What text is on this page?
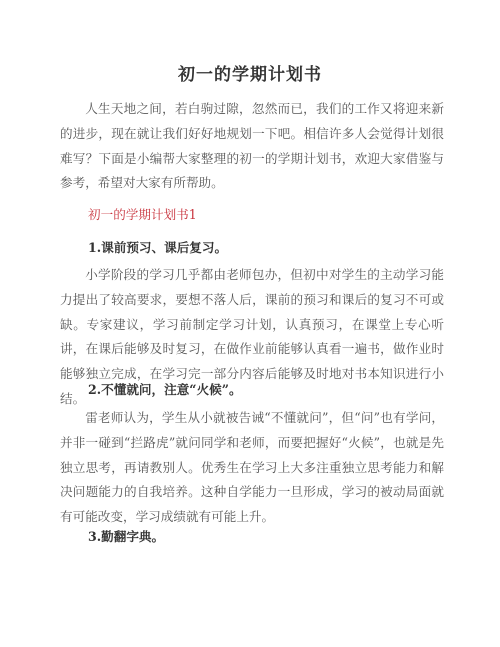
初一的学期计划书

人生天地之间，若白驹过隙，忽然而已，我们的工作又将迎来新的进步，现在就让我们好好地规划一下吧。相信许多人会觉得计划很难写？下面是小编帮大家整理的初一的学期计划书，欢迎大家借鉴与参考，希望对大家有所帮助。

初一的学期计划书1
1.课前预习、课后复习。

小学阶段的学习几乎都由老师包办，但初中对学生的主动学习能力提出了较高要求，要想不落人后，课前的预习和课后的复习不可或缺。专家建议，学习前制定学习计划，认真预习，在课堂上专心听讲，在课后能够及时复习，在做作业前能够认真看一遍书，做作业时能够独立完成，在学习完一部分内容后能够及时地对书本知识进行小结。

2.不懂就问，注意“火候”。

雷老师认为，学生从小就被告诫“不懂就问”，但“问”也有学问，并非一碰到“拦路虎”就问同学和老师，而要把握好“火候”，也就是先独立思考，再请教别人。优秀生在学习上大多注重独立思考能力和解决问题能力的自我培养。这种自学能力一旦形成，学习的被动局面就有可能改变，学习成绩就有可能上升。

3.勤翻字典。
